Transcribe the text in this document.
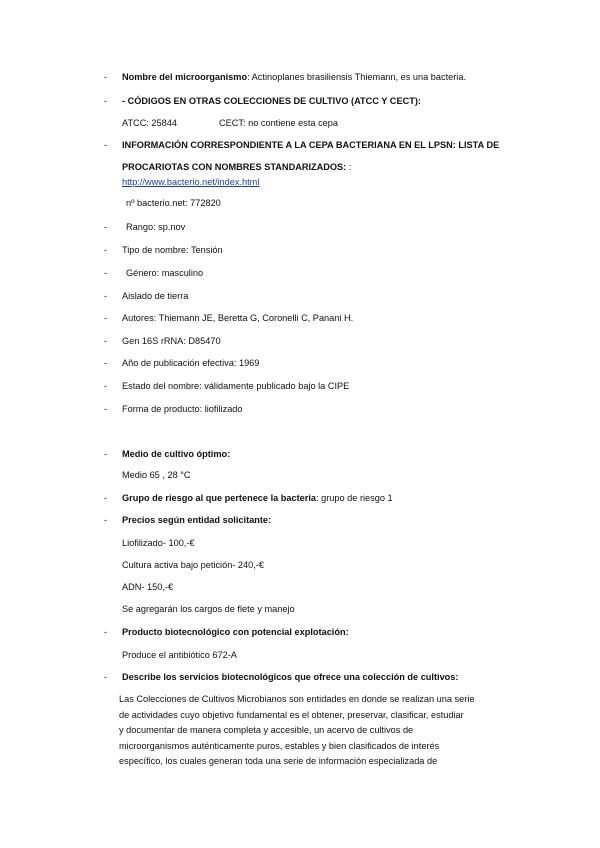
- Nombre del microorganismo: Actinoplanes brasiliensis Thiemann, es una bacteria.
- - CÓDIGOS EN OTRAS COLECCIONES DE CULTIVO (ATCC Y CECT):
ATCC: 25844	CECT: no contiene esta cepa
- INFORMACIÓN CORRESPONDIENTE A LA CEPA BACTERIANA EN EL LPSN: LISTA DE
PROCARIOTAS CON NOMBRES STANDARIZADOS: :
http://www.bacterio.net/index.html
nº bacterio.net: 772820
- Rango: sp.nov
- Tipo de nombre: Tensión
- Género: masculino
- Aislado de tierra
- Autores: Thiemann JE, Beretta G, Coronelli C, Panani H.
- Gen 16S rRNA: D85470
- Año de publicación efectiva: 1969
- Estado del nombre: válidamente publicado bajo la CIPE
- Forma de producto: liofilizado
- Medio de cultivo óptimo:
Medio 65 , 28 °C
- Grupo de riesgo al que pertenece la bacteria: grupo de riesgo 1
- Precios según entidad solicitante:
Liofilizado- 100,-€
Cultura activa bajo petición- 240,-€
ADN- 150,-€
Se agregarán los cargos de flete y manejo
- Producto biotecnológico con potencial explotación:
Produce el antibiótico 672-A
- Describe los servicios biotecnológicos que ofrece una colección de cultivos:
Las Colecciones de Cultivos Microbianos son entidades en donde se realizan una serie
de actividades cuyo objetivo fundamental es el obtener, preservar, clasificar, estudiar
y documentar de manera completa y accesible, un acervo de cultivos de
microorganismos auténticamente puros, estables y bien clasificados de interés
específico, los cuales generan toda una serie de información especializada de
